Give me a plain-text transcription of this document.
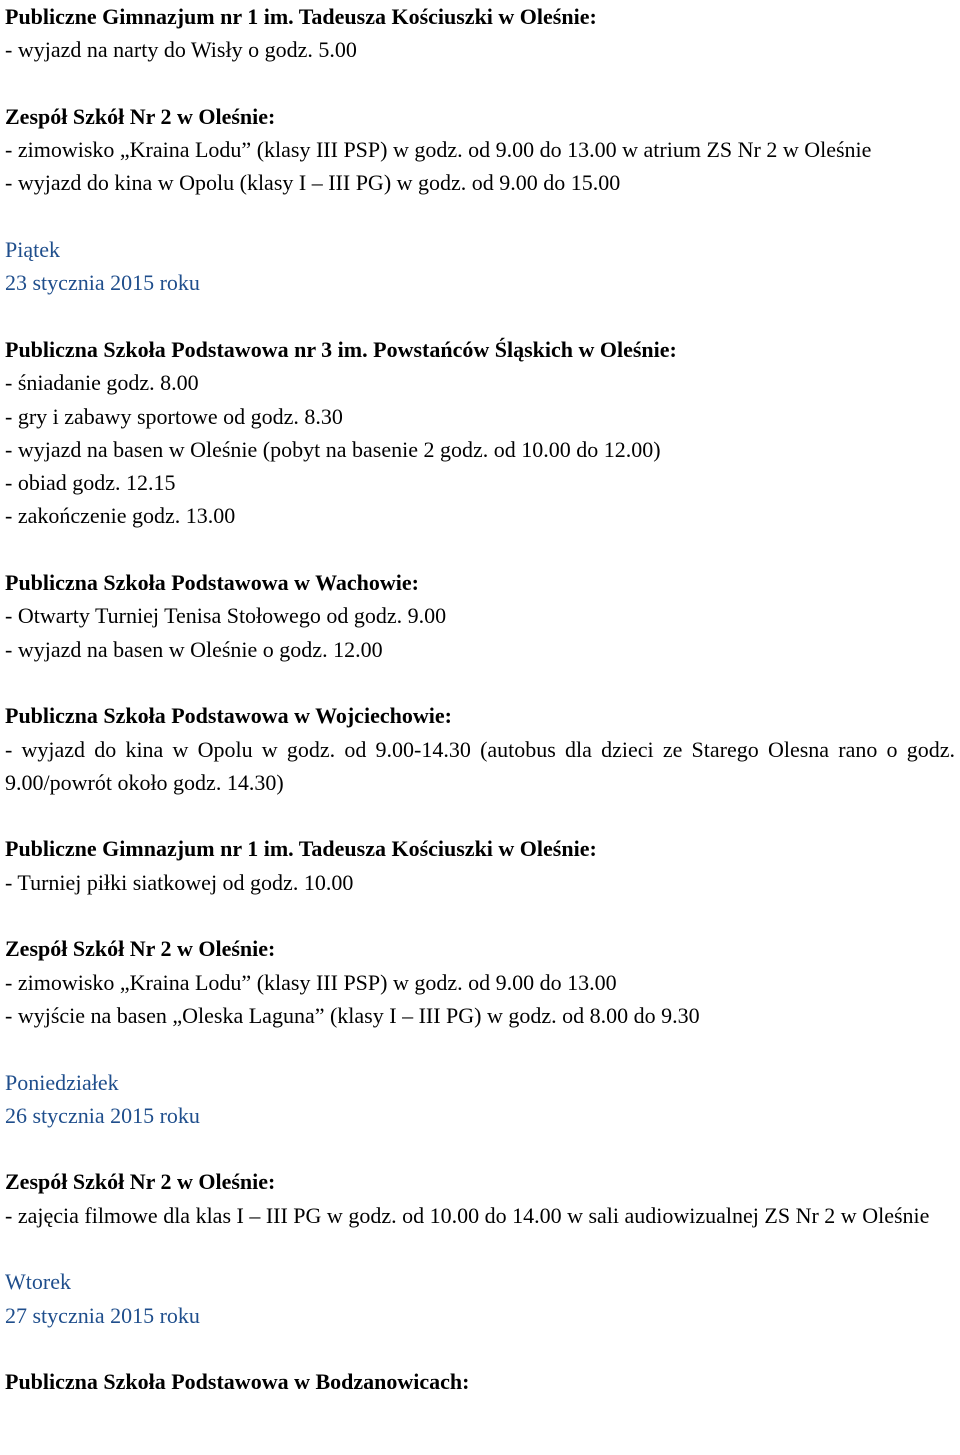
Publiczne Gimnazjum nr 1 im. Tadeusza Kościuszki w Oleśnie:
- wyjazd na narty do Wisły o godz. 5.00
Zespół Szkół Nr 2 w Oleśnie:
- zimowisko „Kraina Lodu” (klasy III PSP) w godz. od 9.00 do 13.00 w atrium ZS Nr 2 w Oleśnie
- wyjazd do kina w Opolu (klasy I – III PG) w godz. od 9.00 do 15.00
Piątek
23 stycznia 2015 roku
Publiczna Szkoła Podstawowa nr 3 im. Powstańców Śląskich w Oleśnie:
- śniadanie godz. 8.00
- gry i zabawy sportowe od godz. 8.30
- wyjazd na basen w Oleśnie (pobyt na basenie 2 godz. od 10.00 do 12.00)
- obiad godz. 12.15
- zakończenie godz. 13.00
Publiczna Szkoła Podstawowa w Wachowie:
- Otwarty Turniej Tenisa Stołowego od godz. 9.00
- wyjazd na basen w Oleśnie o godz. 12.00
Publiczna Szkoła Podstawowa w Wojciechowie:
- wyjazd do kina w Opolu w godz. od 9.00-14.30 (autobus dla dzieci ze Starego Olesna rano o godz. 9.00/powrót około godz. 14.30)
Publiczne Gimnazjum nr 1 im. Tadeusza Kościuszki w Oleśnie:
- Turniej piłki siatkowej od godz. 10.00
Zespół Szkół Nr 2 w Oleśnie:
- zimowisko „Kraina Lodu” (klasy III PSP) w godz. od 9.00 do 13.00
- wyjście na basen „Oleska Laguna” (klasy I – III PG) w godz. od 8.00 do 9.30
Poniedziałek
26 stycznia 2015 roku
Zespół Szkół Nr 2 w Oleśnie:
- zajęcia filmowe dla klas I – III PG w godz. od 10.00 do 14.00 w sali audiowizualnej ZS Nr 2 w Oleśnie
Wtorek
27 stycznia 2015 roku
Publiczna Szkoła Podstawowa w Bodzanowicach:
